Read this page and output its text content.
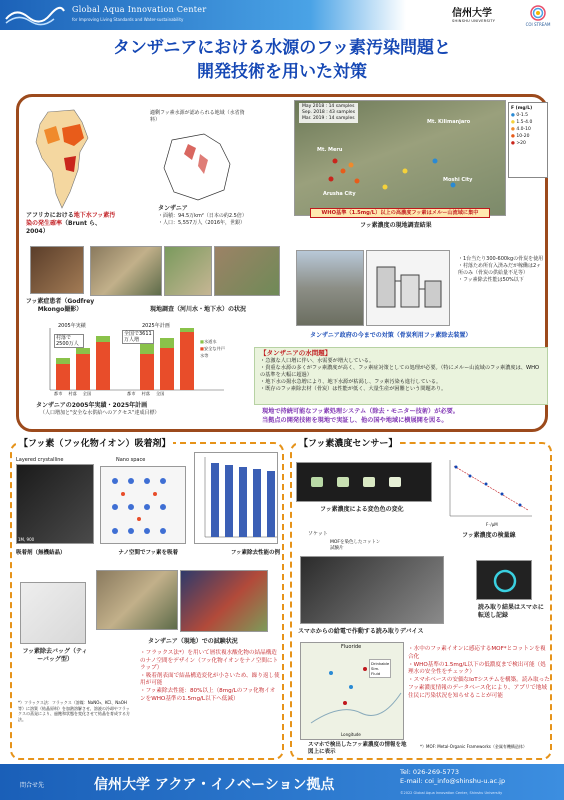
Global Aqua Innovation Center
for Improving Living Standards and Water-sustainability
信州大学
SHINSHU UNIVERSITY
COI STREAM
タンザニアにおける水源のフッ素汚染問題と
開発技術を用いた対策
アフリカにおける地下水フッ素汚染の発生確率（Brunt ら、2004）
適剰フッ素水源が認められる地域（水省資料）
タンザニア
・面積：94.5万km²（日本の約2.5倍）
・人口：5,557万人（2016年，世銀）
May 2018 : 14 samples
Sep. 2018 : 43 samples
Mar. 2019 : 14 samples
Mt. Meru
Mt. Kilimanjaro
Arusha City
Moshi City
F (mg/L)
● 0-1.5
● 1.5-4.0
● 4.0-10
● 10-20
● >20
WHO基準（1.5mg/L）以上の高濃度フッ素はメルー山流域に集中
フッ素濃度の現地調査結果
フッ素症患者（Godfrey Mkongo撮影）	現地調査（河川水・地下水）の状況
・1台当たり300-600kgの骨炭を使用
・村落ため所有入済みだが稼働は2ヶ所のみ（骨炭の供給量不足等）
・フッ素除去性能は50%以下
タンザニア政府の今までの対策（骨炭利用フッ素除去装置）
2005年実績	2025年計画
村落で2500万人
全国で3611万人増	■水道水
■安全な井戸水等
都市 村落 全国	都市 村落 全国
タンザニアの2005年実績・2025年計画
（人口増加と"安全な水供給へのアクセス"達成目標）
【タンザニアの水問題】
・急激な人口増に伴い、水需要が増大している。
・貴重な水源の多くがフッ素濃度が高く、フッ素症対策としての処理が必要。（特にメルー山流域のフッ素濃度は、WHOの基準を大幅に超過）
・地下水の揚水急増により、地下水源が枯渇し、フッ素汚染も進行している。
・既存のフッ素除去材（骨炭）は性能が低く、大量生産が困難という問題あり。
現地で持続可能なフッ素処理システム（除去・モニター技術）が必要。
当拠点の開発技術を現地で実証し、他の国や地域に横展開を図る。
【フッ素（フッ化物イオン）吸着剤】
Layered crystalline
1M, 900
Nano space
吸着剤（無機結晶）	ナノ空間でフッ素を吸着	フッ素除去性能の例
フッ素除去バッグ（ティーバッグ型）
タンザニア（現地）での試験状況
・フラックス法*）を用いて層状複水酸化物の結晶構造のナノ空間をデザイン（フッ化物イオンをナノ空間にトラップ）
・吸着剤表面で結晶構造変化が小さいため、繰り返し使用が可能
・フッ素除去性能：80%以上（8mg/Lのフッ化物イオンをWHO基準の1.5mg/L以下へ低減）
*）フラックス法：フラックス（溶媒：NaNO₃、KCl、NaOH等）に溶質（結晶原料）を加熱溶解させ、溶液の冷却やフラックスの蒸発により、過飽和状態を変化させて結晶を育成する方法。
【フッ素濃度センサー】
フッ素濃度による変色色の変化
F⁻/μM
フッ素濃度の検量線
ソケット
MOFを染色したコットン試験片
読み取り結果はスマホに転送し記録
スマホからの給電で作動する読み取りデバイス
Fluoride
Drinkable
Sim.
Fluid
Longitude
スマホで検出したフッ素濃度の情報を地図上に表示
・水中のフッ素イオンに感応するMOF*とコットンを複合化
・WHO基準の1.5mg/L以下の低濃度まで検出可能（処理水の安全性をチェック）
・スマホベースの安価なIoTシステムを構築。読み取ったフッ素濃度情報のデータベース化により、アプリで地域住民に汚染状況を知らせることが可能
*）MOF: Metal-Organic Frameworks（金属有機構造体）
問合せ先	信州大学 アクア・イノベーション拠点
Tel: 026-269-5773
E-mail: coi_info@shinshu-u.ac.jp
©2022 Global Aqua Innovation Center, Shinshu University
